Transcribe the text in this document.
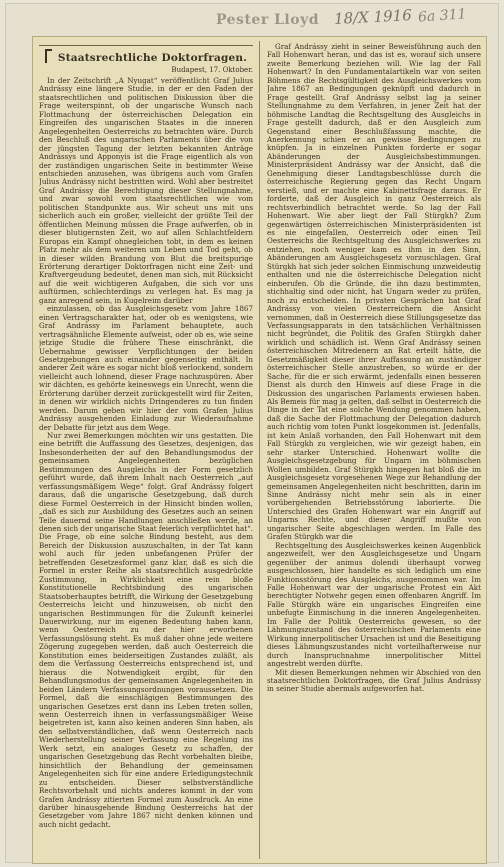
Pester Lloyd 18/X 1916 6a 311
Staatsrechtliche Doktorfragen.
Budapest, 17. Oktober.

In der Zeitschrift „A Nyugat“ veröffentlicht Graf Julius Andrássy eine längere Studie, in der er den Faden der staatsrechtlichen und politischen Diskussion über die Frage weiterspinnt, ob der ungarische Wunsch nach Flottmachung der österreichischen Delegation ein Eingreifen des ungarischen Staates in die inneren Angelegenheiten Oesterreichs zu betrachten wäre. Durch den Beschluß des ungarischen Parlaments über die von der jüngsten Tagung der letzten bekannten Anträge Andrássys und Apponyis ist die Frage eigentlich als von der zuständigen ungarischen Seite in bestimmter Weise entschieden anzusehen, was übrigens auch vom Grafen Julius Andrássy nicht bestritten wird. Wohl aber bestreitet Graf Andrássy die Berechtigung dieser Stellungnahme, und zwar sowohl vom staatsrechtlichen wie vom politischen Standpunkte aus. Wir scheut uns mit uns sicherlich auch ein großer, vielleicht der größte Teil der öffentlichen Meinung müssen die Frage aufwerfen, ob in dieser blutigernsten Zeit, wo auf allen Schlachtfeldern Europas ein Kampf ohnegleichen tobt, in dem es keinen Platz mehr als dem weiteren um Leben und Tod geht, ob in dieser wilden Brandung von Blut die breitspurige Erörterung derartiger Doktorfragen nicht eine Zeit- und Kraftvergeudung bedeutet, denen man sich, mit Rücksicht auf die weit wichtigeren Aufgaben, die sich vor uns auftürmen, schlechterdings zu verlegen hat. Es mag ja ganz anregend sein, in Kugelreim darüber

einzulassen, ob das Ausgleichsgesetz vom Jahre 1867 einen Vertragscharakter hat, oder ob es wenigstens, wie Graf Andrássy im Parlament behauptete, auch vertragsähnliche Elemente aufweist, oder ob es, wie seine jetzige Studie die frühere These einschränkt, die Uebernahme gewisser Verpflichtungen der beiden Gesetzgebungen auch einander gegenseitig enthält. In anderer Zeit wäre es sogar nicht bloß verlockend, sondern vielleicht auch lohnend, dieser Frage nachzuspüren. Aber wir dächten, es gehörte keineswegs ein Unrecht, wenn die Erörterung darüber derzeit zurückgestellt wird für Zeiten, in denen wir wirklich nichts Dringenderes zu tun finden werden. Darum geben wir hier der vom Grafen Julius Andrássy ausgehenden Einladung zur Wiederaufnahme der Debatte für jetzt aus dem Wege.

Nur zwei Bemerkungen möchten wir uns gestatten. Die eine betrifft die Auffassung des Gesetzes, desjenigen, das Insbesonderheiten der auf den Behandlungsmodus der gemeinsamen Angelegenheiten bezüglichen Bestimmungen des Ausgleichs in der Form gesetzlich geführt wurde, daß ihrem Inhalt nach Oesterreich „auf verfassungsmäßigem Wege“ folgt. Graf Andrássy folgert daraus, daß die ungarische Gesetzgebung, daß durch diese Formel Oesterreich in der Hinsicht binden wollen, „daß es sich zur Ausbildung des Gesetzes auch an seinen Teile dauernd seine Handlungen anschließen werde, an denen sich der ungarische Staat feierlich verpflichtet hat“. Die Frage, ob eine solche Bindung besteht, aus dem Bereich der Diskussion auszuschalten, in der Tat kann wohl auch für jeden unbefangenen Prüfer der betreffenden Gesetzesformel ganz klar, daß es sich die Formel in erster Reihe als staatsrechtlich ausgedrückte Zustimmung, in Wirklichkeit eine rein bloße Konstitutionelle Rechtsbindung des ungarischen Staatsoberhauptes betrifft, die Wirkung der Gesetzgebung Oesterreichs leicht und hinzuweisen, ob nicht den ungarischen Bestimmungen für die Zukunft keinerlei Dauerwirkung, nur im eigenen Bedeutung haben kann, wenn Oesterreich zu der hier erworbenen Verfassungslösung steht. Es muß daher ohne jede weitere Zögerung zugegeben werden, daß auch Oesterreich die Konstitution eines beiderseitigen Zustandes zuläßt, als dem die Verfassung Oesterreichs entsprechend ist, und hieraus die Notwendigkeit ergibt, für den Behandlungsmodus der gemeinsamen Angelegenheiten in beiden Ländern Verfassungsordnungen voraussetzen. Die Formel, daß die einschlägigen Bestimmungen des ungarischen Gesetzes erst dann ins Leben treten sollen, wenn Oesterreich ihnen in verfassungsmäßiger Weise beigetreten ist, kann also keinen anderen Sinn haben, als den selbstverständlichen, daß wenn Oesterreich nach Wiederherstellung seiner Verfassung eine Regelung ins Werk setzt, ein analoges Gesetz zu schaffen, der ungarischen Gesetzgebung das Recht vorbehalten bleibe, hinsichtlich der Behandlung der gemeinsamen Angelegenheiten sich für eine andere Erledigungstechnik zu entscheiden. Dieser selbstverständliche Rechtsvorbehalt und nichts anderes kommt in der vom Grafen Andrássy zitierten Formel zum Ausdruck. An eine darüber hinausgehende Bindung Oesterreichs hat der Gesetzgeber vom Jahre 1867 nicht denken können und auch nicht gedacht.

Graf Andrássy zieht in seiner Beweisführung auch den Fall Hohenwart heran, und das ist es, worauf sich unsere zweite Bemerkung beziehen will. Wie lag der Fall Hohenwart? In den Fundamentalartikeln war von seiten Böhmens die Rechtsgültigkeit des Ausgleichswerkes vom Jahre 1867 an Bedingungen geknüpft und dadurch in Frage gestellt. Graf Andrássy selbst lag ja seiner Stellungnahme zu dem Verfahren, in jener Zeit hat der böhmische Landtag die Rechtsgeltung des Ausgleichs in Frage gestellt dadurch, daß er den Ausgleich zum Gegenstand einer Beschlußfassung machte, die Anerkennung schien er an gewisse Bedingungen zu knüpfen. Ja in einzelnen Punkten forderte er sogar Abänderungen der Ausgleichsbestimmungen. Ministerpräsident Andrássy war der Ansicht, daß die Genehmigung dieser Landtagsbeschlüsse durch die österreichische Regierung gegen das Recht Ungarn verstieß, und er machte eine Kabinettsfrage daraus. Er forderte, daß der Ausgleich in ganz Oesterreich als rechtsverbindlich betrachtet werde. So lag der Fall Hohenwart. Wie aber liegt der Fall Stürgkh? Zum gegenwärtigen österreichischen Ministerpräsidenten ist es nie eingefallen, Oesterreich oder einen Teil Oesterreichs die Rechtsgeltung des Ausgleichswerkes zu entziehen, noch weniger kam es ihm in den Sinn, Abänderungen am Ausgleichsgesetz vorzuschlagen. Graf Stürgkh hat sich jeder solchen Einmischung unzweideutig enthalten und nie die österreichische Delegation nicht einberufen. Ob die Gründe, die ihn dazu bestimmten, stichhaltig sind oder nicht, hat Ungarn weder zu prüfen, noch zu entscheiden. In privaten Gesprächen hat Graf Andrássy von vielen Oesterreichern die Ansicht vernommen, daß in Oesterreich diese Stillungsgesetze das Verfassungsapparats in den tatsächlichen Verhältnissen nicht begründet, die Politik des Grafen Stürgkh daher wirklich und schädlich ist. Wenn Graf Andrássy seinen österreichischen Mitredenern an Rat erteilt hätte, die Gesetzmäßigkeit dieser ihrer Auffassung an zuständiger österreichischer Stelle anzustreben, so würde er der Sache, für die er sich erwärmt, jedenfalls einen besseren Dienst als durch den Hinweis auf diese Frage in die Diskussion des ungarischen Parlaments erwiesen haben. Als Bemeis für mag ja gelten, daß selbst in Oesterreich die Dinge in der Tat eine solche Wendung genommen haben, daß die Sache der Flottmachung der Delegation dadurch auch richtig vom toten Punkt losgekommen ist. Jedenfalls, ist kein Anlaß vorhanden, den Fall Hohenwart mit dem Fall Stürgkh zu vergleichen, wie wir gezeigt haben, ein sehr starker Unterschied. Hohenwart wollte die Ausgleichsgesetzgebung für Ungarn im böhmischen Wollen umbilden. Graf Stürgkh hingegen hat bloß die im Ausgleichsgesetz vorgesehenen Wege zur Behandlung der gemeinsamen Angelegenheiten nicht beschritten, darin im Sinne Andrássy nicht mehr sein als in einer vorübergehenden Betriebsstörung laborierte. Die Unterschied des Grafen Hohenwart war ein Angriff auf Ungarns Rechte, und dieser Angriff mußte von ungarischer Seite abgeschlagen werden. Im Falle des Grafen Stürgkh war die

Rechtsgeltung des Ausgleichswerkes keinen Augenblick angezweifelt, wer den Ausgleichsgesetze und Ungarn gegenüber der animus dolendi überhaupt vorweg ausgeschlossen, hier handelte es sich lediglich um eine Funktionsstörung des Ausgleichs, ausgenommen war. Im Falle Hohenwart war der ungarische Protest ein Akt berechtigter Notwehr gegen einen offenbaren Angriff. Im Falle Stürgkh wäre ein ungarisches Eingreifen eine unbefugte Einmischung in die inneren Angelegenheiten. Im Falle der Politik Oesterreichs gewesen, so der Lähmungszustand des österreichischen Parlaments eine Wirkung innerpolitischer Ursachen ist und die Beseitigung dieses Lähmungszustandes nicht vorteilhafterweise nur durch Inanspruchnahme innerpolitischer Mittel angestrebt werden dürfte.

Mit diesen Bemerkungen nehmen wir Abschied von den staatsrechtlichen Doktorfragen, die Graf Julius Andrássy in seiner Studie abermals aufgeworfen hat.
